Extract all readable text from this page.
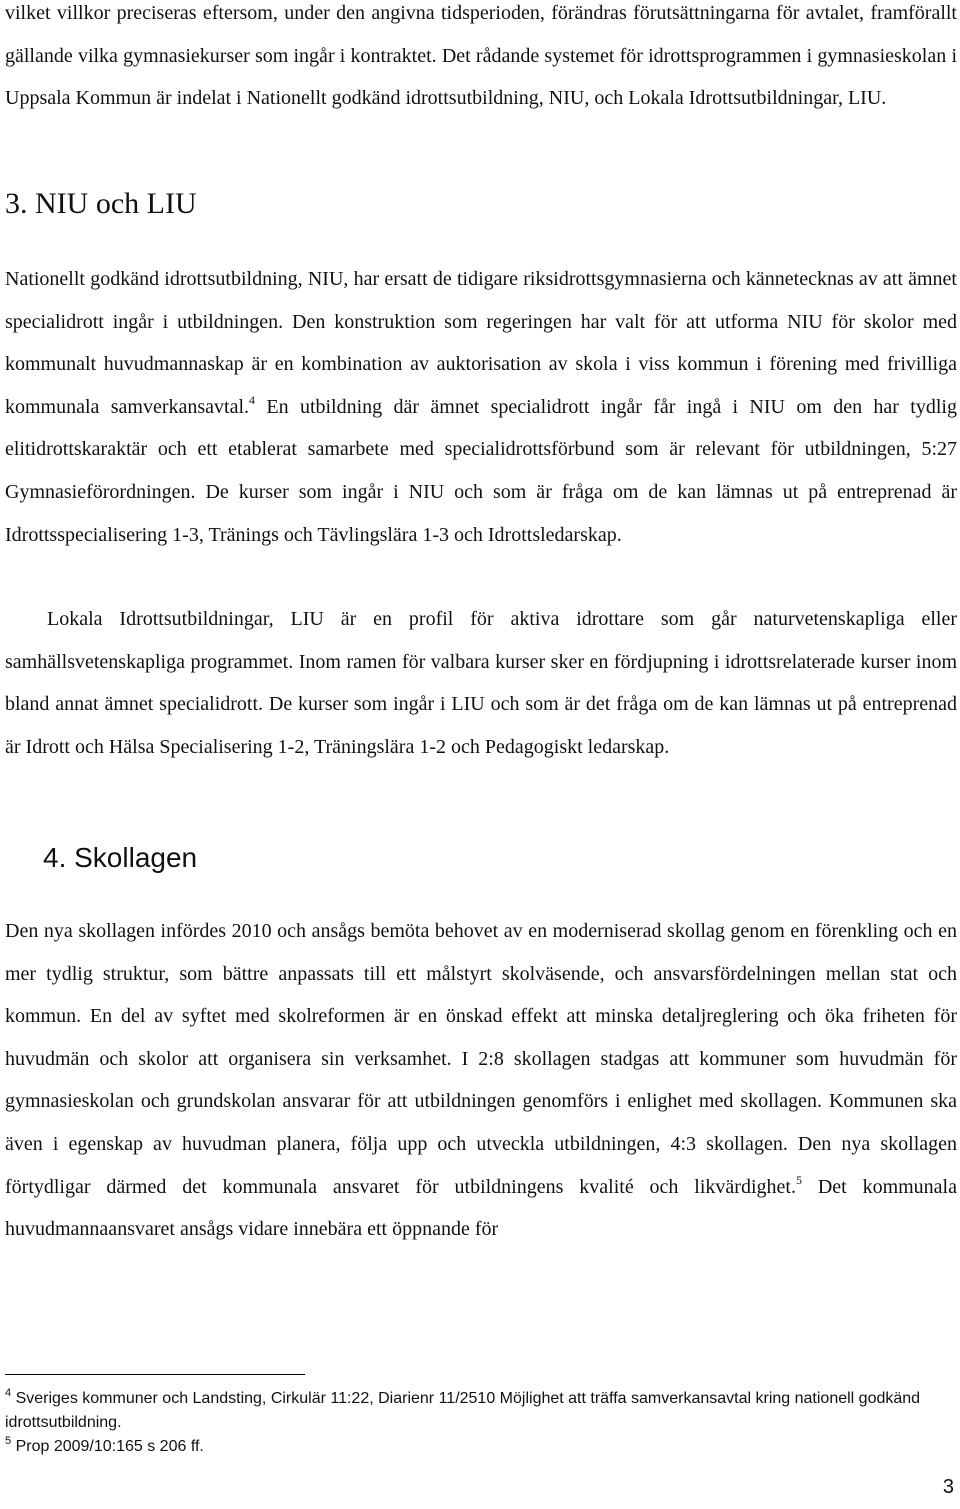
vilket villkor preciseras eftersom, under den angivna tidsperioden, förändras förutsättningarna för avtalet, framförallt gällande vilka gymnasiekurser som ingår i kontraktet. Det rådande systemet för idrottsprogrammen i gymnasieskolan i Uppsala Kommun är indelat i Nationellt godkänd idrottsutbildning, NIU, och Lokala Idrottsutbildningar, LIU.

3. NIU och LIU

Nationellt godkänd idrottsutbildning, NIU, har ersatt de tidigare riksidrottsgymnasierna och kännetecknas av att ämnet specialidrott ingår i utbildningen. Den konstruktion som regeringen har valt för att utforma NIU för skolor med kommunalt huvudmannaskap är en kombination av auktorisation av skola i viss kommun i förening med frivilliga kommunala samverkansavtal.$^4$ En utbildning där ämnet specialidrott ingår får ingå i NIU om den har tydlig elitidrottskaraktär och ett etablerat samarbete med specialidrottsförbund som är relevant för utbildningen, 5:27 Gymnasieförordningen. De kurser som ingår i NIU och som är fråga om de kan lämnas ut på entreprenad är Idrottsspecialisering 1-3, Tränings och Tävlingslära 1-3 och Idrottsledarskap.

Lokala Idrottsutbildningar, LIU är en profil för aktiva idrottare som går naturvetenskapliga eller samhällsvetenskapliga programmet. Inom ramen för valbara kurser sker en fördjupning i idrottsrelaterade kurser inom bland annat ämnet specialidrott. De kurser som ingår i LIU och som är det fråga om de kan lämnas ut på entreprenad är Idrott och Hälsa Specialisering 1-2, Träningslära 1-2 och Pedagogiskt ledarskap.

4. Skollagen

Den nya skollagen infördes 2010 och ansågs bemöta behovet av en moderniserad skollag genom en förenkling och en mer tydlig struktur, som bättre anpassats till ett målstyrt skolväsende, och ansvarsfördelningen mellan stat och kommun. En del av syftet med skolreformen är en önskad effekt att minska detaljreglering och öka friheten för huvudmän och skolor att organisera sin verksamhet. I 2:8 skollagen stadgas att kommuner som huvudmän för gymnasieskolan och grundskolan ansvarar för att utbildningen genomförs i enlighet med skollagen. Kommunen ska även i egenskap av huvudman planera, följa upp och utveckla utbildningen, 4:3 skollagen. Den nya skollagen förtydligar därmed det kommunala ansvaret för utbildningens kvalité och likvärdighet.$^5$ Det kommunala huvudmannaansvaret ansågs vidare innebära ett öppnande för

$^4$ Sveriges kommuner och Landsting, Cirkulär 11:22, Diarienr 11/2510 Möjlighet att träffa samverkansavtal kring nationell godkänd idrottsutbildning.

$^5$ Prop 2009/10:165 s 206 ff.

3
